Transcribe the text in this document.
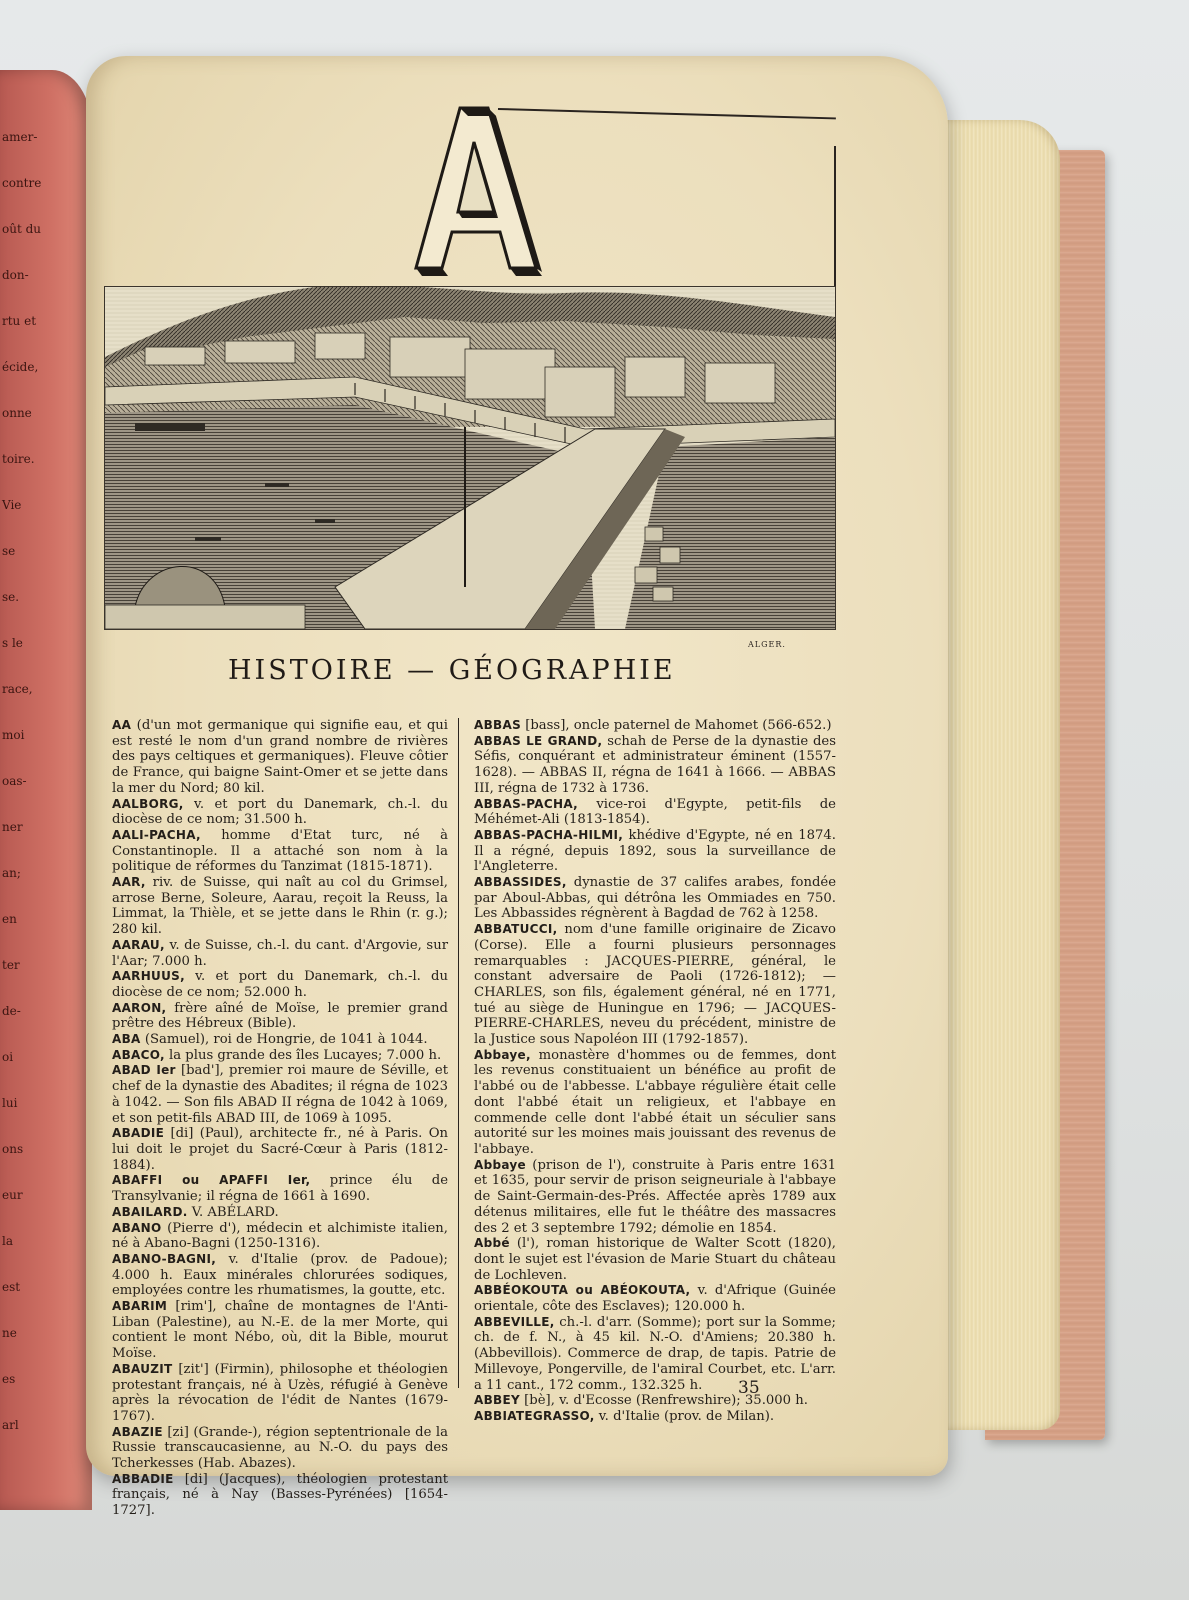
amer-
contre
oût du
don-
rtu et
écide,
onne
toire.
Vie
se
se.
s le
race,
moi
oas-
ner
an;
en
ter
de-
oi
lui
ons
eur
la
est
ne
es
arl
ALGER.
HISTOIRE — GÉOGRAPHIE

AA (d'un mot germanique qui signifie eau, et qui est resté le nom d'un grand nombre de rivières des pays celtiques et germaniques). Fleuve côtier de France, qui baigne Saint-Omer et se jette dans la mer du Nord; 80 kil.

AALBORG, v. et port du Danemark, ch.-l. du diocèse de ce nom; 31.500 h.

AALI-PACHA, homme d'Etat turc, né à Constantinople. Il a attaché son nom à la politique de réformes du Tanzimat (1815-1871).

AAR, riv. de Suisse, qui naît au col du Grimsel, arrose Berne, Soleure, Aarau, reçoit la Reuss, la Limmat, la Thièle, et se jette dans le Rhin (r. g.); 280 kil.

AARAU, v. de Suisse, ch.-l. du cant. d'Argovie, sur l'Aar; 7.000 h.

AARHUUS, v. et port du Danemark, ch.-l. du diocèse de ce nom; 52.000 h.

AARON, frère aîné de Moïse, le premier grand prêtre des Hébreux (Bible).

ABA (Samuel), roi de Hongrie, de 1041 à 1044.

ABACO, la plus grande des îles Lucayes; 7.000 h.

ABAD Ier [bad'], premier roi maure de Séville, et chef de la dynastie des Abadites; il régna de 1023 à 1042. — Son fils ABAD II régna de 1042 à 1069, et son petit-fils ABAD III, de 1069 à 1095.

ABADIE [di] (Paul), architecte fr., né à Paris. On lui doit le projet du Sacré-Cœur à Paris (1812-1884).

ABAFFI ou APAFFI Ier, prince élu de Transylvanie; il régna de 1661 à 1690.

ABAILARD. V. ABÉLARD.

ABANO (Pierre d'), médecin et alchimiste italien, né à Abano-Bagni (1250-1316).

ABANO-BAGNI, v. d'Italie (prov. de Padoue); 4.000 h. Eaux minérales chlorurées sodiques, employées contre les rhumatismes, la goutte, etc.

ABARIM [rim'], chaîne de montagnes de l'Anti-Liban (Palestine), au N.-E. de la mer Morte, qui contient le mont Nébo, où, dit la Bible, mourut Moïse.

ABAUZIT [zit'] (Firmin), philosophe et théologien protestant français, né à Uzès, réfugié à Genève après la révocation de l'édit de Nantes (1679-1767).

ABAZIE [zi] (Grande-), région septentrionale de la Russie transcaucasienne, au N.-O. du pays des Tcherkesses (Hab. Abazes).

ABBADIE [di] (Jacques), théologien protestant français, né à Nay (Basses-Pyrénées) [1654-1727].

ABBAS [bass], oncle paternel de Mahomet (566-652.)

ABBAS LE GRAND, schah de Perse de la dynastie des Séfis, conquérant et administrateur éminent (1557-1628). — ABBAS II, régna de 1641 à 1666. — ABBAS III, régna de 1732 à 1736.

ABBAS-PACHA, vice-roi d'Egypte, petit-fils de Méhémet-Ali (1813-1854).

ABBAS-PACHA-HILMI, khédive d'Egypte, né en 1874. Il a régné, depuis 1892, sous la surveillance de l'Angleterre.

ABBASSIDES, dynastie de 37 califes arabes, fondée par Aboul-Abbas, qui détrôna les Ommiades en 750. Les Abbassides régnèrent à Bagdad de 762 à 1258.

ABBATUCCI, nom d'une famille originaire de Zicavo (Corse). Elle a fourni plusieurs personnages remarquables : JACQUES-PIERRE, général, le constant adversaire de Paoli (1726-1812); — CHARLES, son fils, également général, né en 1771, tué au siège de Huningue en 1796; — JACQUES-PIERRE-CHARLES, neveu du précédent, ministre de la Justice sous Napoléon III (1792-1857).

Abbaye, monastère d'hommes ou de femmes, dont les revenus constituaient un bénéfice au profit de l'abbé ou de l'abbesse. L'abbaye régulière était celle dont l'abbé était un religieux, et l'abbaye en commende celle dont l'abbé était un séculier sans autorité sur les moines mais jouissant des revenus de l'abbaye.

Abbaye (prison de l'), construite à Paris entre 1631 et 1635, pour servir de prison seigneuriale à l'abbaye de Saint-Germain-des-Prés. Affectée après 1789 aux détenus militaires, elle fut le théâtre des massacres des 2 et 3 septembre 1792; démolie en 1854.

Abbé (l'), roman historique de Walter Scott (1820), dont le sujet est l'évasion de Marie Stuart du château de Lochleven.

ABBÉOKOUTA ou ABÉOKOUTA, v. d'Afrique (Guinée orientale, côte des Esclaves); 120.000 h.

ABBEVILLE, ch.-l. d'arr. (Somme); port sur la Somme; ch. de f. N., à 45 kil. N.-O. d'Amiens; 20.380 h. (Abbevillois). Commerce de drap, de tapis. Patrie de Millevoye, Pongerville, de l'amiral Courbet, etc. L'arr. a 11 cant., 172 comm., 132.325 h.

ABBEY [bè], v. d'Ecosse (Renfrewshire); 35.000 h.

ABBIATEGRASSO, v. d'Italie (prov. de Milan).

35
